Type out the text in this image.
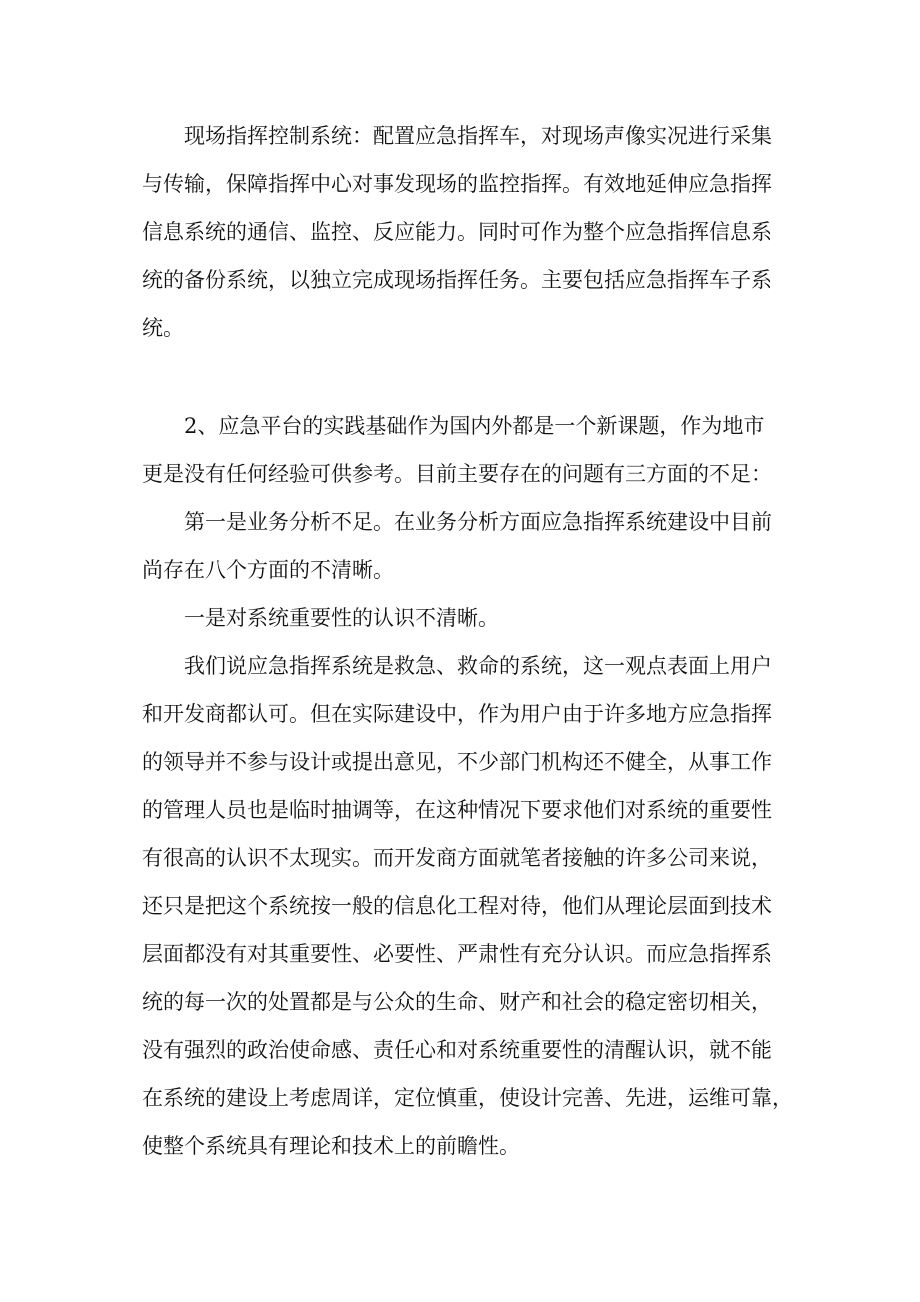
现场指挥控制系统：配置应急指挥车，对现场声像实况进行采集
与传输，保障指挥中心对事发现场的监控指挥。有效地延伸应急指挥
信息系统的通信、监控、反应能力。同时可作为整个应急指挥信息系
统的备份系统，以独立完成现场指挥任务。主要包括应急指挥车子系
统。
2、应急平台的实践基础作为国内外都是一个新课题，作为地市
更是没有任何经验可供参考。目前主要存在的问题有三方面的不足：
第一是业务分析不足。在业务分析方面应急指挥系统建设中目前
尚存在八个方面的不清晰。
一是对系统重要性的认识不清晰。
我们说应急指挥系统是救急、救命的系统，这一观点表面上用户
和开发商都认可。但在实际建设中，作为用户由于许多地方应急指挥
的领导并不参与设计或提出意见，不少部门机构还不健全，从事工作
的管理人员也是临时抽调等，在这种情况下要求他们对系统的重要性
有很高的认识不太现实。而开发商方面就笔者接触的许多公司来说，
还只是把这个系统按一般的信息化工程对待，他们从理论层面到技术
层面都没有对其重要性、必要性、严肃性有充分认识。而应急指挥系
统的每一次的处置都是与公众的生命、财产和社会的稳定密切相关，
没有强烈的政治使命感、责任心和对系统重要性的清醒认识，就不能
在系统的建设上考虑周详，定位慎重，使设计完善、先进，运维可靠，
使整个系统具有理论和技术上的前瞻性。
